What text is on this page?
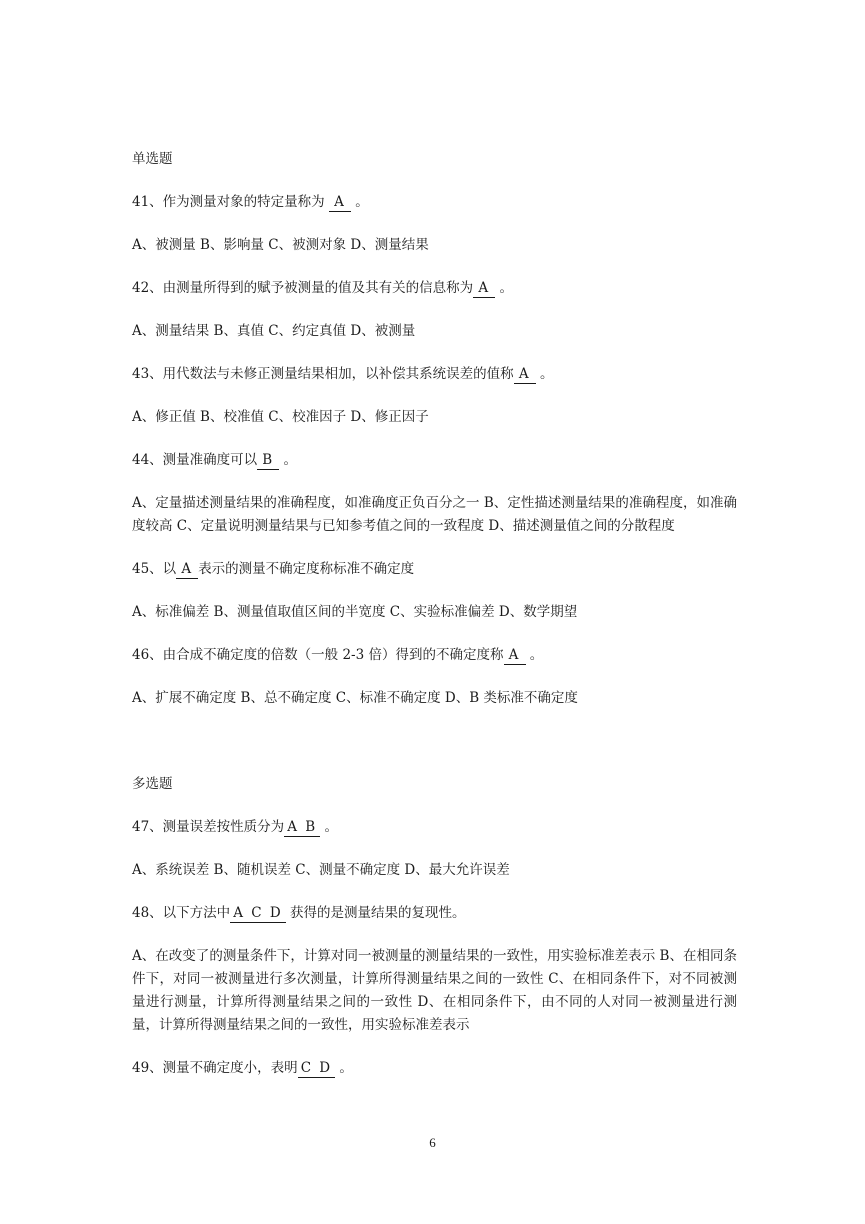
单选题
41、作为测量对象的特定量称为 A 。
A、被测量 B、影响量 C、被测对象 D、测量结果
42、由测量所得到的赋予被测量的值及其有关的信息称为 A 。
A、测量结果 B、真值 C、约定真值 D、被测量
43、用代数法与未修正测量结果相加，以补偿其系统误差的值称 A 。
A、修正值 B、校准值 C、校准因子 D、修正因子
44、测量准确度可以 B 。
A、定量描述测量结果的准确程度，如准确度正负百分之一 B、定性描述测量结果的准确程度，如准确度较高 C、定量说明测量结果与已知参考值之间的一致程度 D、描述测量值之间的分散程度
45、以 A 表示的测量不确定度称标准不确定度
A、标准偏差 B、测量值取值区间的半宽度 C、实验标准偏差 D、数学期望
46、由合成不确定度的倍数（一般 2-3 倍）得到的不确定度称 A 。
A、扩展不确定度 B、总不确定度 C、标准不确定度 D、B 类标准不确定度
多选题
47、测量误差按性质分为 A B 。
A、系统误差 B、随机误差 C、测量不确定度 D、最大允许误差
48、以下方法中 A C D 获得的是测量结果的复现性。
A、在改变了的测量条件下，计算对同一被测量的测量结果的一致性，用实验标准差表示 B、在相同条件下，对同一被测量进行多次测量，计算所得测量结果之间的一致性 C、在相同条件下，对不同被测量进行测量，计算所得测量结果之间的一致性 D、在相同条件下，由不同的人对同一被测量进行测量，计算所得测量结果之间的一致性，用实验标准差表示
49、测量不确定度小，表明 C D 。
6
